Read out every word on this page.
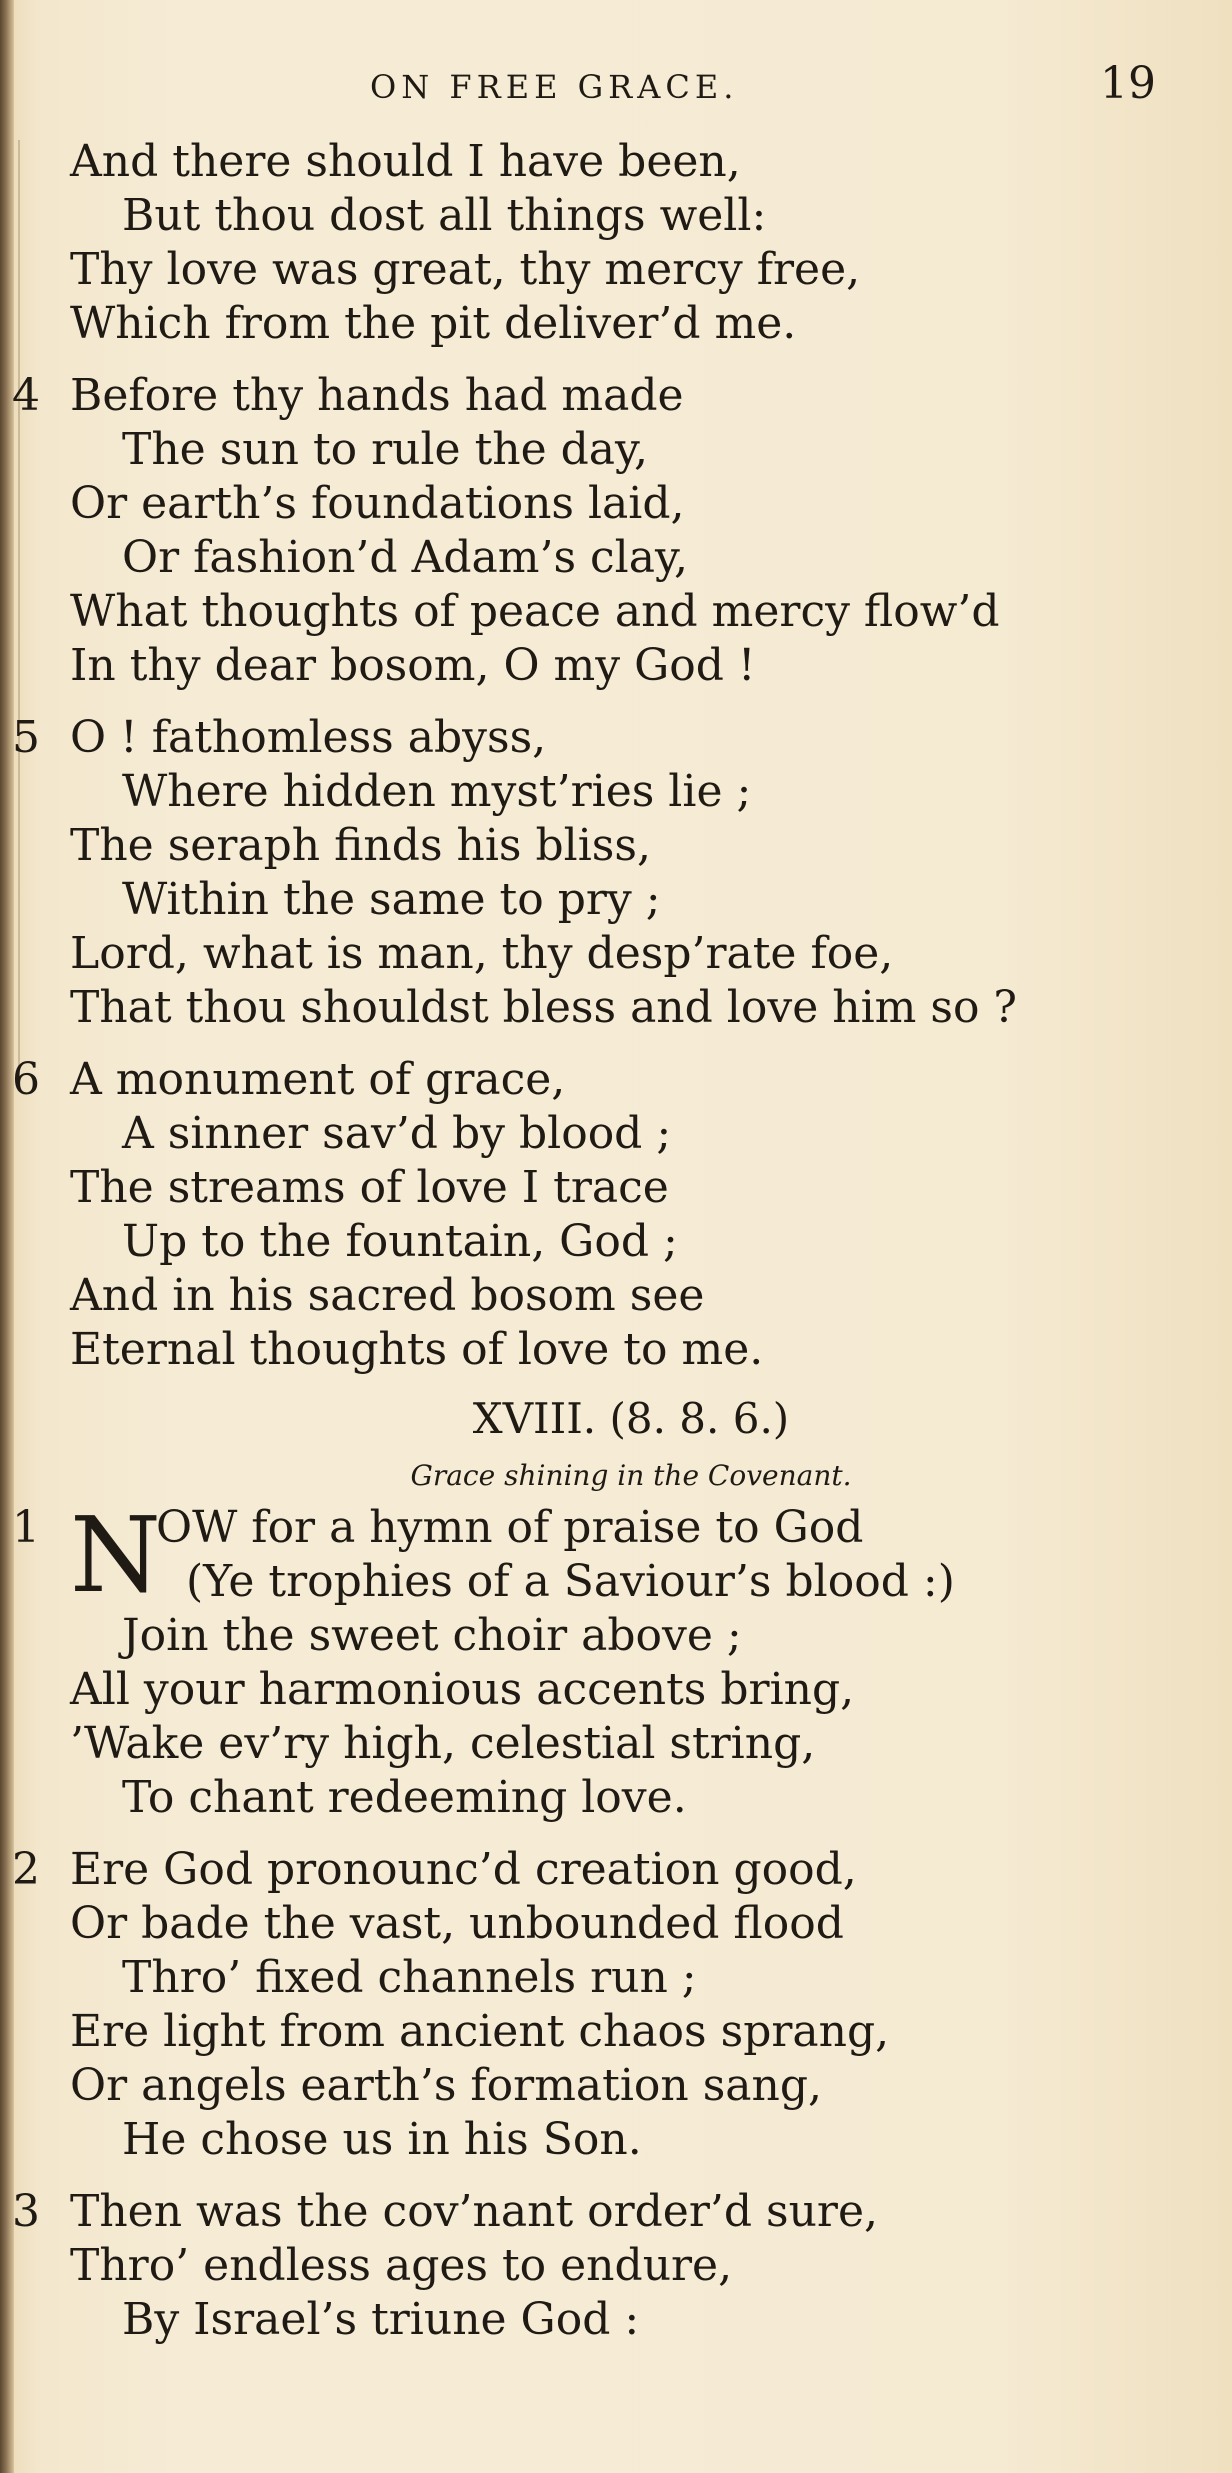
ON FREE GRACE.	19
And there should I have been,
But thou dost all things well:
Thy love was great, thy mercy free,
Which from the pit deliver’d me.
4 Before thy hands had made
The sun to rule the day,
Or earth’s foundations laid,
Or fashion’d Adam’s clay,
What thoughts of peace and mercy flow’d
In thy dear bosom, O my God !
5 O ! fathomless abyss,
Where hidden myst’ries lie ;
The seraph finds his bliss,
Within the same to pry ;
Lord, what is man, thy desp’rate foe,
That thou shouldst bless and love him so ?
6 A monument of grace,
A sinner sav’d by blood ;
The streams of love I trace
Up to the fountain, God ;
And in his sacred bosom see
Eternal thoughts of love to me.
XVIII. (8. 8. 6.)
Grace shining in the Covenant.
1 N
OW for a hymn of praise to God
(Ye trophies of a Saviour’s blood :)
Join the sweet choir above ;
All your harmonious accents bring,
’Wake ev’ry high, celestial string,
To chant redeeming love.
2 Ere God pronounc’d creation good,
Or bade the vast, unbounded flood
Thro’ fixed channels run ;
Ere light from ancient chaos sprang,
Or angels earth’s formation sang,
He chose us in his Son.
3 Then was the cov’nant order’d sure,
Thro’ endless ages to endure,
By Israel’s triune God :
